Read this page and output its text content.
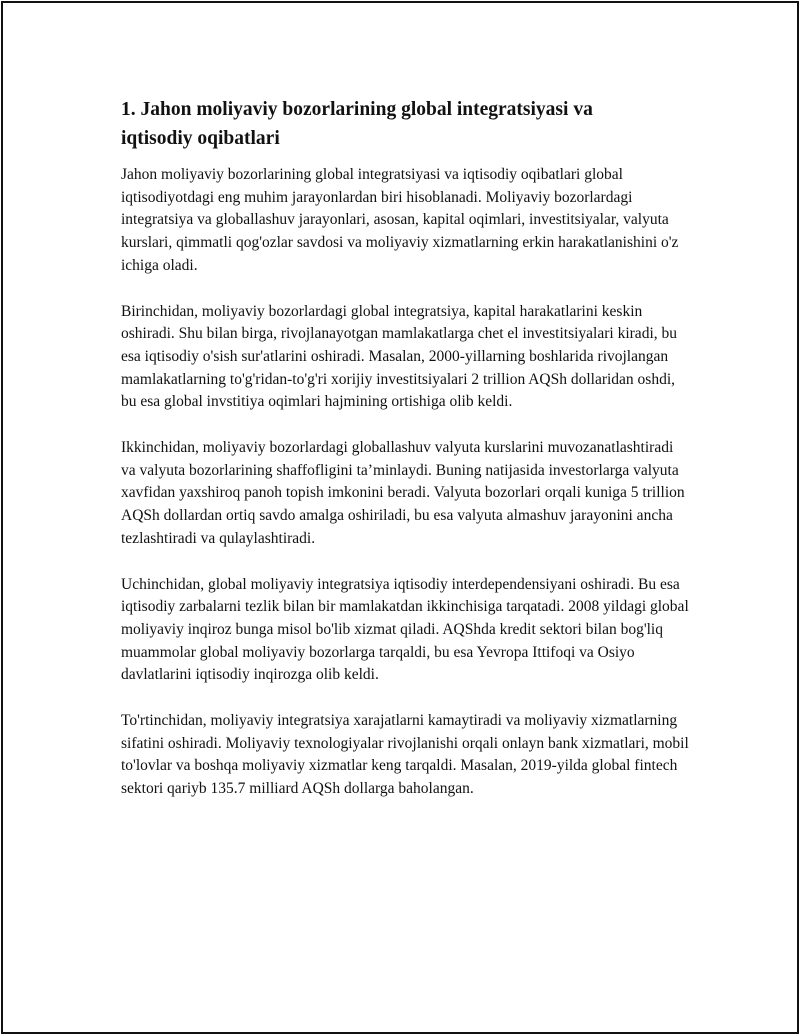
1. Jahon moliyaviy bozorlarining global integratsiyasi va
iqtisodiy oqibatlari

Jahon moliyaviy bozorlarining global integratsiyasi va iqtisodiy oqibatlari global iqtisodiyotdagi eng muhim jarayonlardan biri hisoblanadi. Moliyaviy bozorlardagi integratsiya va globallashuv jarayonlari, asosan, kapital oqimlari, investitsiyalar, valyuta kurslari, qimmatli qog'ozlar savdosi va moliyaviy xizmatlarning erkin harakatlanishini o'z ichiga oladi.

Birinchidan, moliyaviy bozorlardagi global integratsiya, kapital harakatlarini keskin oshiradi. Shu bilan birga, rivojlanayotgan mamlakatlarga chet el investitsiyalari kiradi, bu esa iqtisodiy o'sish sur'atlarini oshiradi. Masalan, 2000-yillarning boshlarida rivojlangan mamlakatlarning to'g'ridan-to'g'ri xorijiy investitsiyalari 2 trillion AQSh dollaridan oshdi, bu esa global invstitiya oqimlari hajmining ortishiga olib keldi.

Ikkinchidan, moliyaviy bozorlardagi globallashuv valyuta kurslarini muvozanatlashtiradi va valyuta bozorlarining shaffofligini ta’minlaydi. Buning natijasida investorlarga valyuta xavfidan yaxshiroq panoh topish imkonini beradi. Valyuta bozorlari orqali kuniga 5 trillion AQSh dollardan ortiq savdo amalga oshiriladi, bu esa valyuta almashuv jarayonini ancha tezlashtiradi va qulaylashtiradi.

Uchinchidan, global moliyaviy integratsiya iqtisodiy interdependensiyani oshiradi. Bu esa iqtisodiy zarbalarni tezlik bilan bir mamlakatdan ikkinchisiga tarqatadi. 2008 yildagi global moliyaviy inqiroz bunga misol bo'lib xizmat qiladi. AQShda kredit sektori bilan bog'liq muammolar global moliyaviy bozorlarga tarqaldi, bu esa Yevropa Ittifoqi va Osiyo davlatlarini iqtisodiy inqirozga olib keldi.

To'rtinchidan, moliyaviy integratsiya xarajatlarni kamaytiradi va moliyaviy xizmatlarning sifatini oshiradi. Moliyaviy texnologiyalar rivojlanishi orqali onlayn bank xizmatlari, mobil to'lovlar va boshqa moliyaviy xizmatlar keng tarqaldi. Masalan, 2019-yilda global fintech sektori qariyb 135.7 milliard AQSh dollarga baholangan.
